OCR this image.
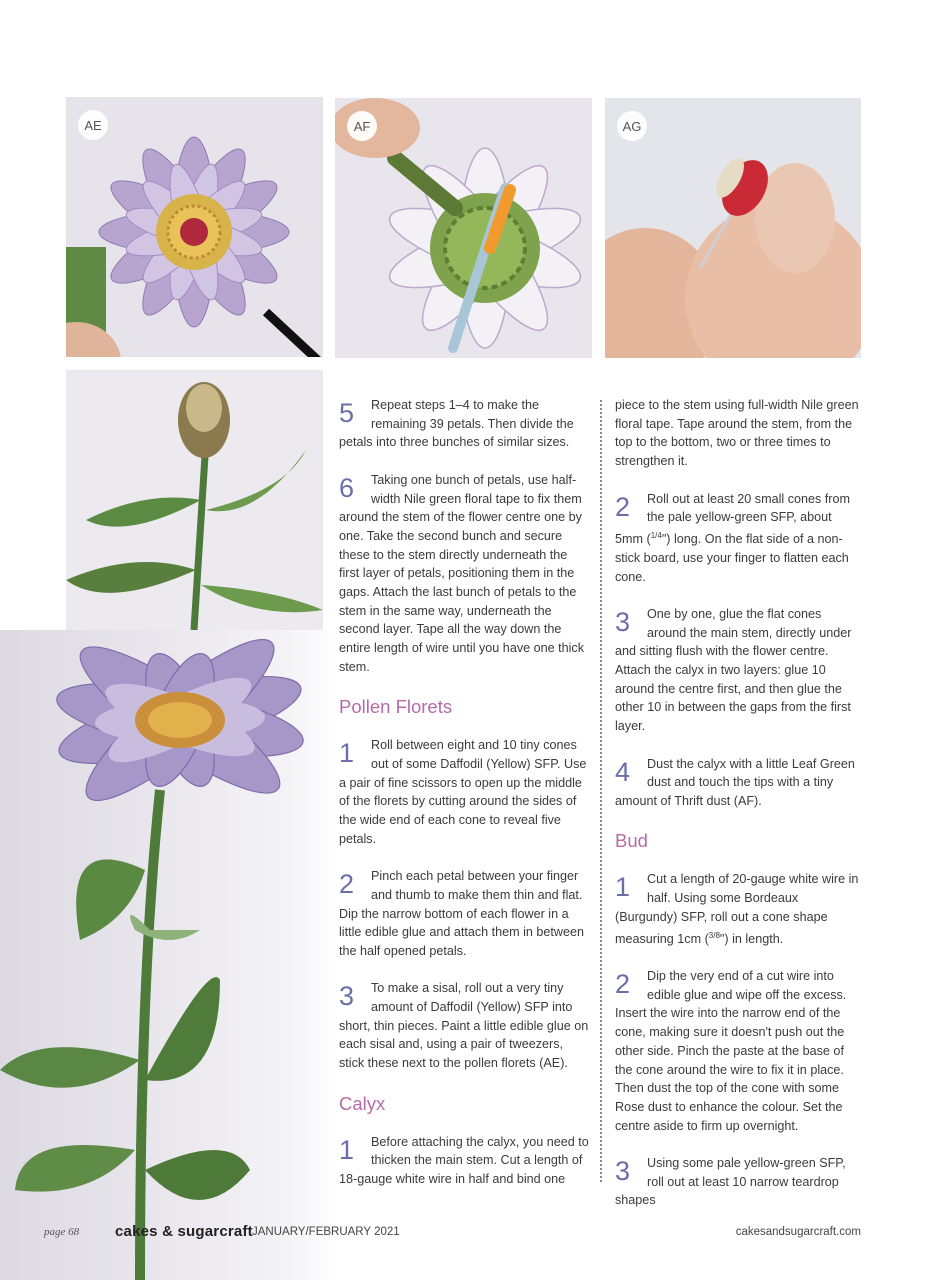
AE	AF	AG
5	Repeat steps 1–4 to make the remaining 39 petals. Then divide the petals into three bunches of similar sizes.
6	Taking one bunch of petals, use half-width Nile green floral tape to fix them around the stem of the flower centre one by one. Take the second bunch and secure these to the stem directly underneath the first layer of petals, positioning them in the gaps. Attach the last bunch of petals to the stem in the same way, underneath the second layer. Tape all the way down the entire length of wire until you have one thick stem.
Pollen Florets
1	Roll between eight and 10 tiny cones out of some Daffodil (Yellow) SFP. Use a pair of fine scissors to open up the middle of the florets by cutting around the sides of the wide end of each cone to reveal five petals.
2	Pinch each petal between your finger and thumb to make them thin and flat. Dip the narrow bottom of each flower in a little edible glue and attach them in between the half opened petals.
3	To make a sisal, roll out a very tiny amount of Daffodil (Yellow) SFP into short, thin pieces. Paint a little edible glue on each sisal and, using a pair of tweezers, stick these next to the pollen florets (AE).
Calyx
1	Before attaching the calyx, you need to thicken the main stem. Cut a length of 18-gauge white wire in half and bind one
piece to the stem using full-width Nile green floral tape. Tape around the stem, from the top to the bottom, two or three times to strengthen it.
2	Roll out at least 20 small cones from the pale yellow-green SFP, about 5mm ($^{1/4}$") long. On the flat side of a non-stick board, use your finger to flatten each cone.
3	One by one, glue the flat cones around the main stem, directly under and sitting flush with the flower centre. Attach the calyx in two layers: glue 10 around the centre first, and then glue the other 10 in between the gaps from the first layer.
4	Dust the calyx with a little Leaf Green dust and touch the tips with a tiny amount of Thrift dust (AF).
Bud
1	Cut a length of 20-gauge white wire in half. Using some Bordeaux (Burgundy) SFP, roll out a cone shape measuring 1cm ($^{3/8}$") in length.
2	Dip the very end of a cut wire into edible glue and wipe off the excess. Insert the wire into the narrow end of the cone, making sure it doesn't push out the other side. Pinch the paste at the base of the cone around the wire to fix it in place. Then dust the top of the cone with some Rose dust to enhance the colour. Set the centre aside to firm up overnight.
3	Using some pale yellow-green SFP, roll out at least 10 narrow teardrop shapes
page 68 cakes & sugarcraft JANUARY/FEBRUARY 2021	cakesandsugarcraft.com
